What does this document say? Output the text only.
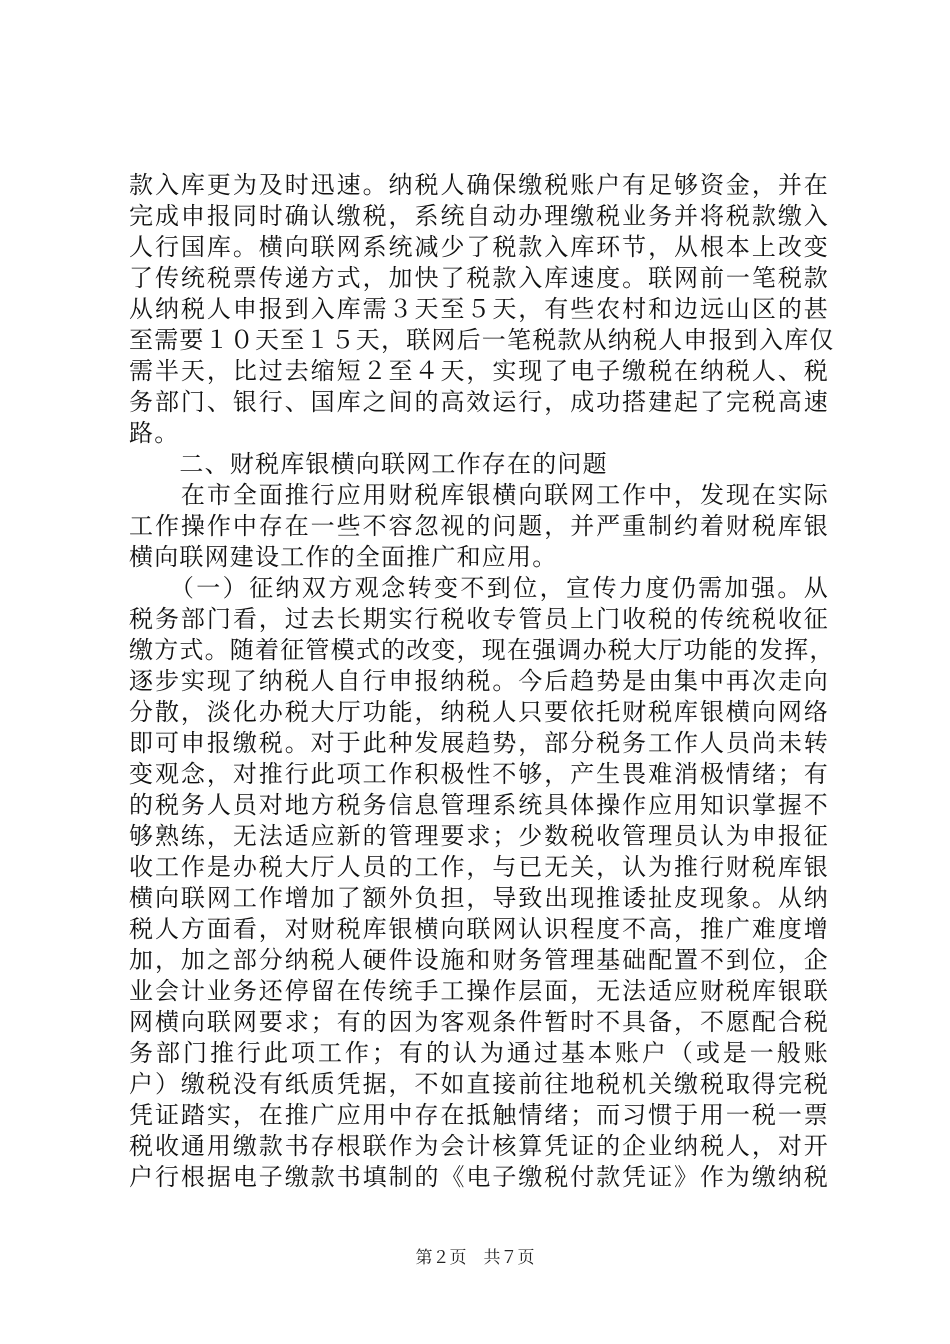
款入库更为及时迅速。纳税人确保缴税账户有足够资金，并在
完成申报同时确认缴税，系统自动办理缴税业务并将税款缴入
人行国库。横向联网系统减少了税款入库环节，从根本上改变
了传统税票传递方式，加快了税款入库速度。联网前一笔税款
从纳税人申报到入库需３天至５天，有些农村和边远山区的甚
至需要１０天至１５天，联网后一笔税款从纳税人申报到入库仅
需半天，比过去缩短２至４天，实现了电子缴税在纳税人、税
务部门、银行、国库之间的高效运行，成功搭建起了完税高速
路。
　　二、财税库银横向联网工作存在的问题
　　在市全面推行应用财税库银横向联网工作中，发现在实际
工作操作中存在一些不容忽视的问题，并严重制约着财税库银
横向联网建设工作的全面推广和应用。
　　（一）征纳双方观念转变不到位，宣传力度仍需加强。从
税务部门看，过去长期实行税收专管员上门收税的传统税收征
缴方式。随着征管模式的改变，现在强调办税大厅功能的发挥，
逐步实现了纳税人自行申报纳税。今后趋势是由集中再次走向
分散，淡化办税大厅功能，纳税人只要依托财税库银横向网络
即可申报缴税。对于此种发展趋势，部分税务工作人员尚未转
变观念，对推行此项工作积极性不够，产生畏难消极情绪；有
的税务人员对地方税务信息管理系统具体操作应用知识掌握不
够熟练，无法适应新的管理要求；少数税收管理员认为申报征
收工作是办税大厅人员的工作，与已无关，认为推行财税库银
横向联网工作增加了额外负担，导致出现推诿扯皮现象。从纳
税人方面看，对财税库银横向联网认识程度不高，推广难度增
加，加之部分纳税人硬件设施和财务管理基础配置不到位，企
业会计业务还停留在传统手工操作层面，无法适应财税库银联
网横向联网要求；有的因为客观条件暂时不具备，不愿配合税
务部门推行此项工作；有的认为通过基本账户（或是一般账
户）缴税没有纸质凭据，不如直接前往地税机关缴税取得完税
凭证踏实，在推广应用中存在抵触情绪；而习惯于用一税一票
税收通用缴款书存根联作为会计核算凭证的企业纳税人，对开
户行根据电子缴款书填制的《电子缴税付款凭证》作为缴纳税
第２页　共７页
